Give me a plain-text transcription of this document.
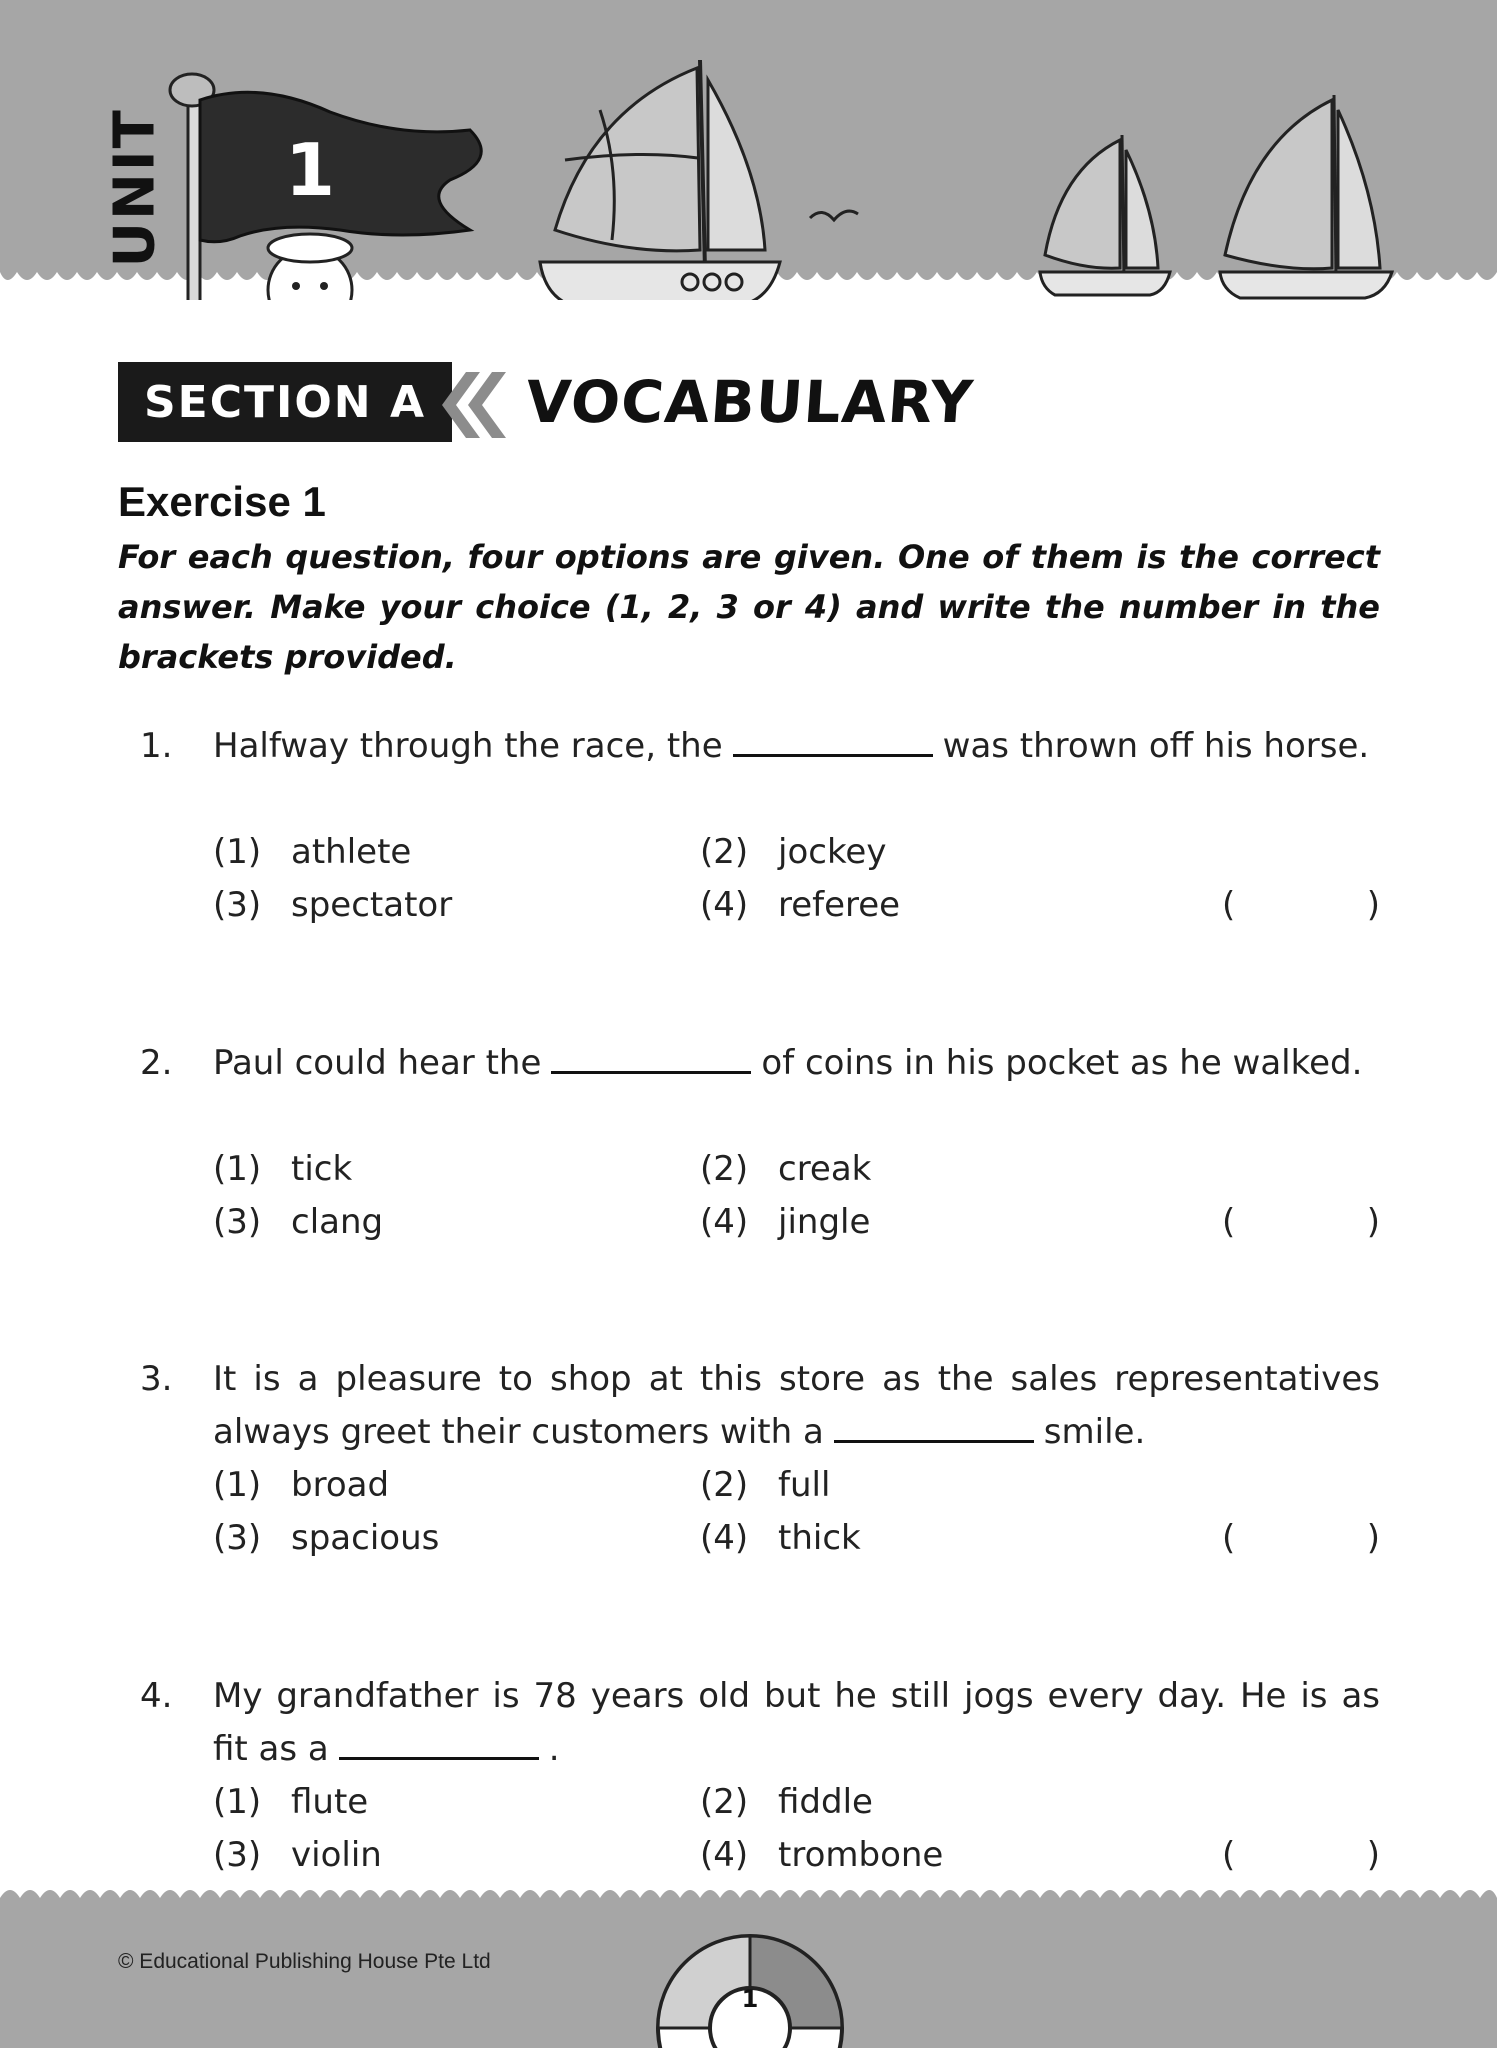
UNIT 1
SECTION A VOCABULARY
Exercise 1
For each question, four options are given. One of them is the correct answer. Make your choice (1, 2, 3 or 4) and write the number in the brackets provided.
1. Halfway through the race, the	was thrown off his horse.
(1) athlete	(2) jockey
(3) spectator	(4) referee	(	)
2. Paul could hear the	of coins in his pocket as he walked.
(1) tick	(2) creak
(3) clang	(4) jingle	(	)
3. It is a pleasure to shop at this store as the sales representatives always greet their customers with a	smile.
(1) broad	(2) full
(3) spacious	(4) thick	(	)
4. My grandfather is 78 years old but he still jogs every day. He is as fit as a	.
(1) flute	(2) fiddle
(3) violin	(4) trombone	(	)
© Educational Publishing House Pte Ltd
1
